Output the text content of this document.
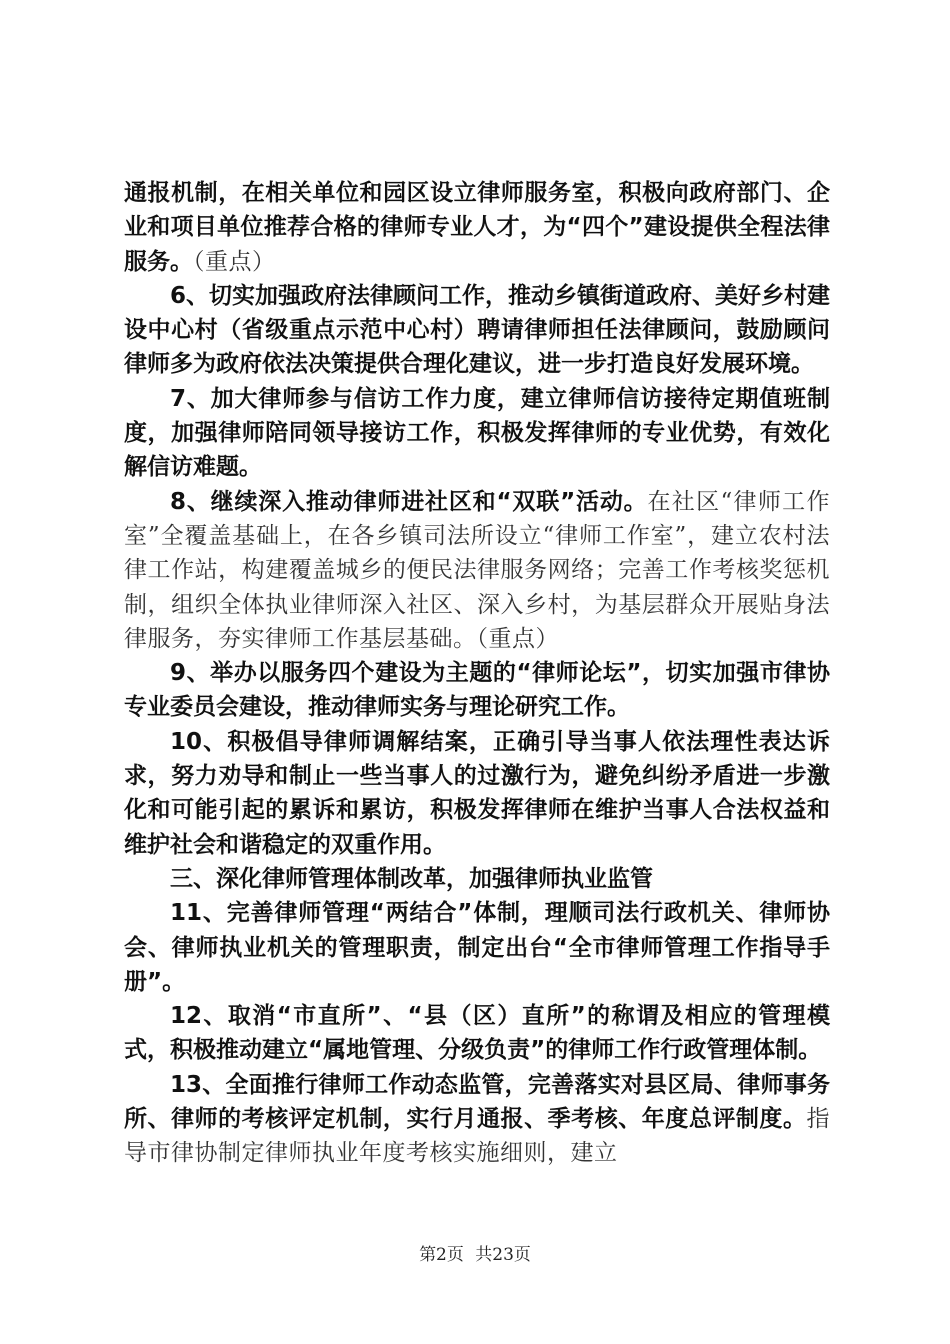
通报机制，在相关单位和园区设立律师服务室，积极向政府部门、企业和项目单位推荐合格的律师专业人才，为“四个”建设提供全程法律服务。（重点）

6、切实加强政府法律顾问工作，推动乡镇街道政府、美好乡村建设中心村（省级重点示范中心村）聘请律师担任法律顾问，鼓励顾问律师多为政府依法决策提供合理化建议，进一步打造良好发展环境。

7、加大律师参与信访工作力度，建立律师信访接待定期值班制度，加强律师陪同领导接访工作，积极发挥律师的专业优势，有效化解信访难题。

8、继续深入推动律师进社区和“双联”活动。在社区“律师工作室”全覆盖基础上，在各乡镇司法所设立“律师工作室”，建立农村法律工作站，构建覆盖城乡的便民法律服务网络；完善工作考核奖惩机制，组织全体执业律师深入社区、深入乡村，为基层群众开展贴身法律服务，夯实律师工作基层基础。（重点）

9、举办以服务四个建设为主题的“律师论坛”，切实加强市律协专业委员会建设，推动律师实务与理论研究工作。

10、积极倡导律师调解结案，正确引导当事人依法理性表达诉求，努力劝导和制止一些当事人的过激行为，避免纠纷矛盾进一步激化和可能引起的累诉和累访，积极发挥律师在维护当事人合法权益和维护社会和谐稳定的双重作用。

三、深化律师管理体制改革，加强律师执业监管

11、完善律师管理“两结合”体制，理顺司法行政机关、律师协会、律师执业机关的管理职责，制定出台“全市律师管理工作指导手册”。

12、取消“市直所”、“县（区）直所”的称谓及相应的管理模式，积极推动建立“属地管理、分级负责”的律师工作行政管理体制。

13、全面推行律师工作动态监管，完善落实对县区局、律师事务所、律师的考核评定机制，实行月通报、季考核、年度总评制度。指导市律协制定律师执业年度考核实施细则，建立

第2页 共23页
